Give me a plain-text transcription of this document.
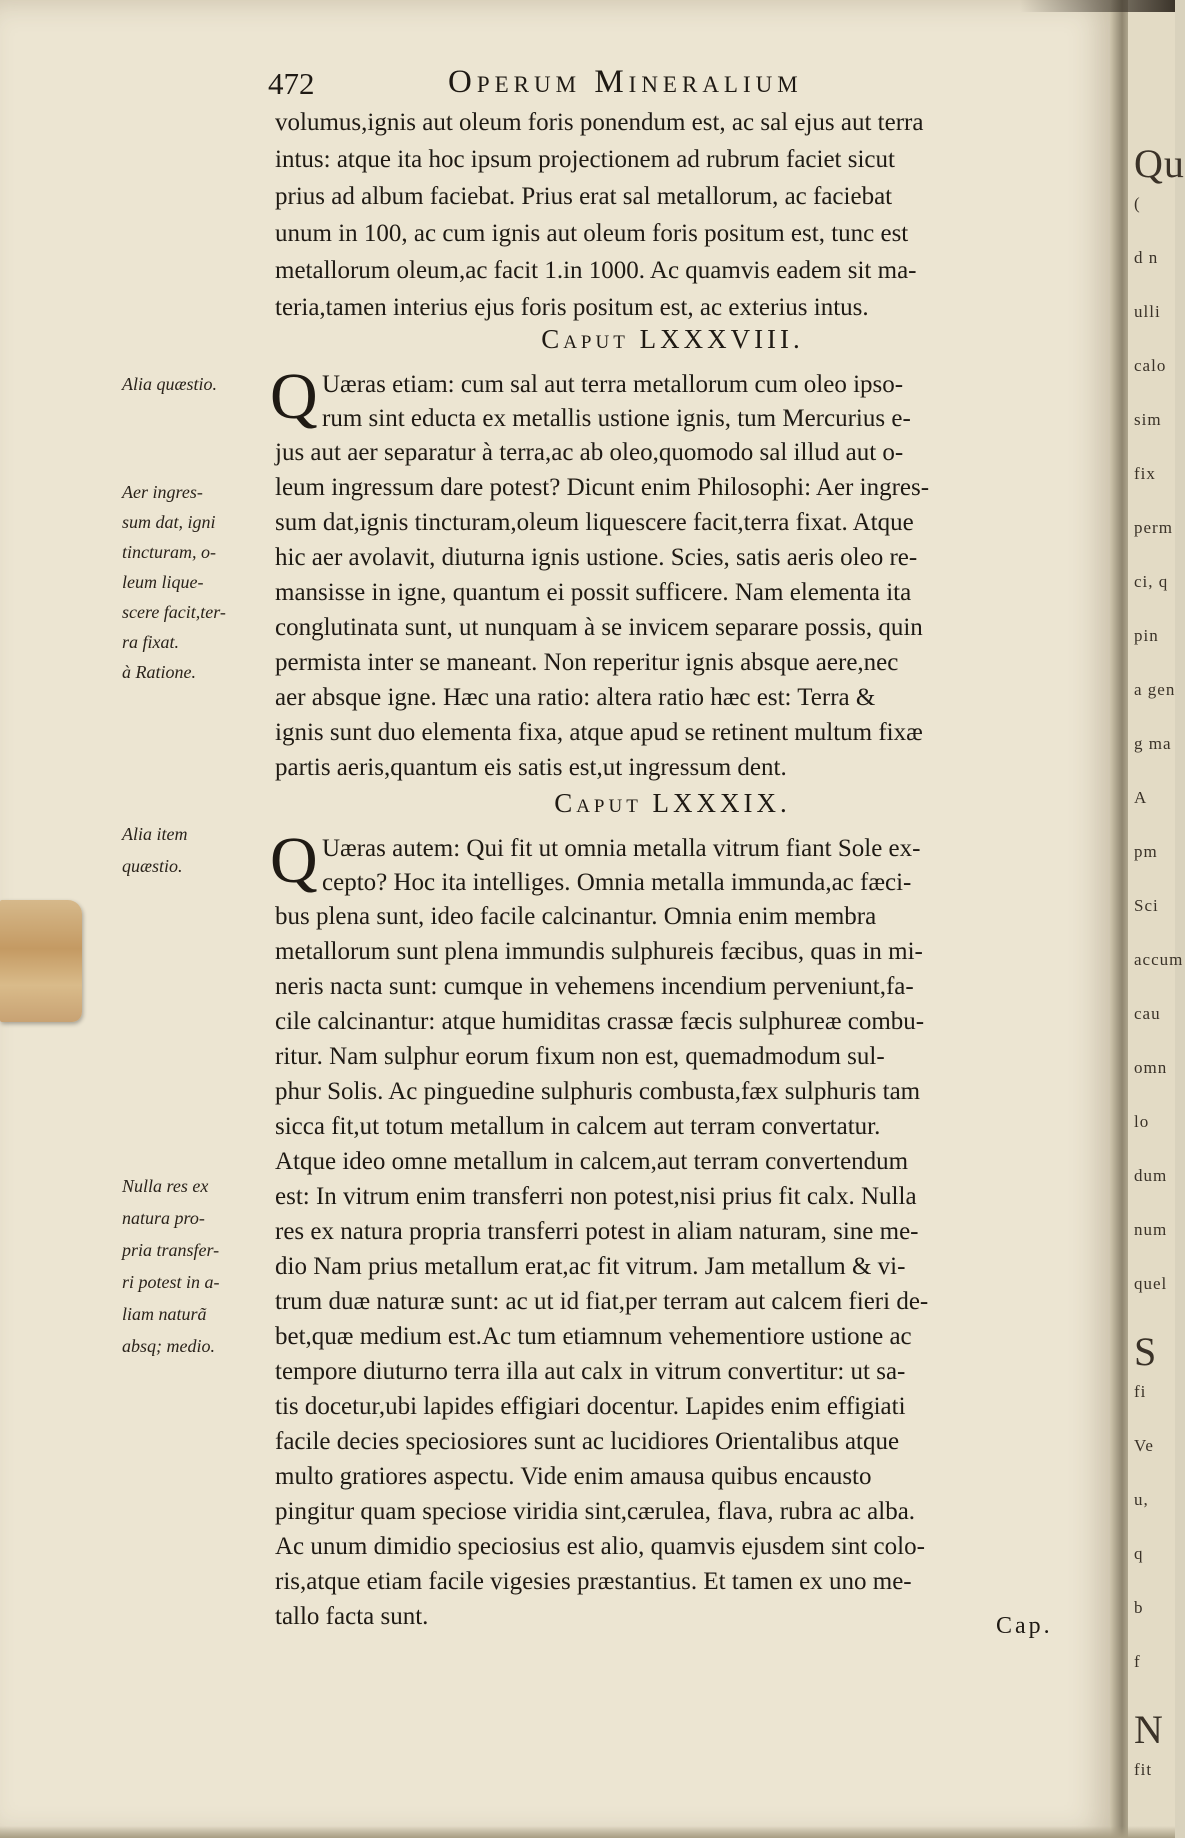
Qu
(
d n
ulli
calo
sim
fix
perm
ci, q
pin
a gen
g ma
A
pm
Sci
accum
cau
omn
lo
dum
num
quel
S
fi
Ve
u,
q
b
f
N
fit
472	Operum Mineralium
volumus,ignis aut oleum foris ponendum est, ac sal ejus aut terra
intus: atque ita hoc ipsum projectionem ad rubrum faciet sicut
prius ad album faciebat. Prius erat sal metallorum, ac faciebat
unum in 100, ac cum ignis aut oleum foris positum est, tunc est
metallorum oleum,ac facit 1.in 1000. Ac quamvis eadem sit ma-
teria,tamen interius ejus foris positum est, ac exterius intus.
Caput LXXXVIII.
Q Uæras etiam: cum sal aut terra metallorum cum oleo ipso-
rum sint educta ex metallis ustione ignis, tum Mercurius e-
jus aut aer separatur à terra,ac ab oleo,quomodo sal illud aut o-
leum ingressum dare potest? Dicunt enim Philosophi: Aer ingres-
sum dat,ignis tincturam,oleum liquescere facit,terra fixat. Atque
hic aer avolavit, diuturna ignis ustione. Scies, satis aeris oleo re-
mansisse in igne, quantum ei possit sufficere. Nam elementa ita
conglutinata sunt, ut nunquam à se invicem separare possis, quin
permista inter se maneant. Non reperitur ignis absque aere,nec
aer absque igne. Hæc una ratio: altera ratio hæc est: Terra &
ignis sunt duo elementa fixa, atque apud se retinent multum fixæ
partis aeris,quantum eis satis est,ut ingressum dent.
Alia quæstio.
Aer ingres-
sum dat, igni
tincturam, o-
leum lique-
scere facit,ter-
ra fixat.
à Ratione.
Caput LXXXIX.
Q Uæras autem: Qui fit ut omnia metalla vitrum fiant Sole ex-
cepto? Hoc ita intelliges. Omnia metalla immunda,ac fæci-
bus plena sunt, ideo facile calcinantur. Omnia enim membra
metallorum sunt plena immundis sulphureis fæcibus, quas in mi-
neris nacta sunt: cumque in vehemens incendium perveniunt,fa-
cile calcinantur: atque humiditas crassæ fæcis sulphureæ combu-
ritur. Nam sulphur eorum fixum non est, quemadmodum sul-
phur Solis. Ac pinguedine sulphuris combusta,fæx sulphuris tam
sicca fit,ut totum metallum in calcem aut terram convertatur.
Atque ideo omne metallum in calcem,aut terram convertendum
est: In vitrum enim transferri non potest,nisi prius fit calx. Nulla
res ex natura propria transferri potest in aliam naturam, sine me-
dio Nam prius metallum erat,ac fit vitrum. Jam metallum & vi-
trum duæ naturæ sunt: ac ut id fiat,per terram aut calcem fieri de-
bet,quæ medium est.Ac tum etiamnum vehementiore ustione ac
tempore diuturno terra illa aut calx in vitrum convertitur: ut sa-
tis docetur,ubi lapides effigiari docentur. Lapides enim effigiati
facile decies speciosiores sunt ac lucidiores Orientalibus atque
multo gratiores aspectu. Vide enim amausa quibus encausto
pingitur quam speciose viridia sint,cærulea, flava, rubra ac alba.
Ac unum dimidio speciosius est alio, quamvis ejusdem sint colo-
ris,atque etiam facile vigesies præstantius. Et tamen ex uno me-
tallo facta sunt.
Alia item
quæstio.
Nulla res ex
natura pro-
pria transfer-
ri potest in a-
liam naturã
absq; medio.
Cap.
